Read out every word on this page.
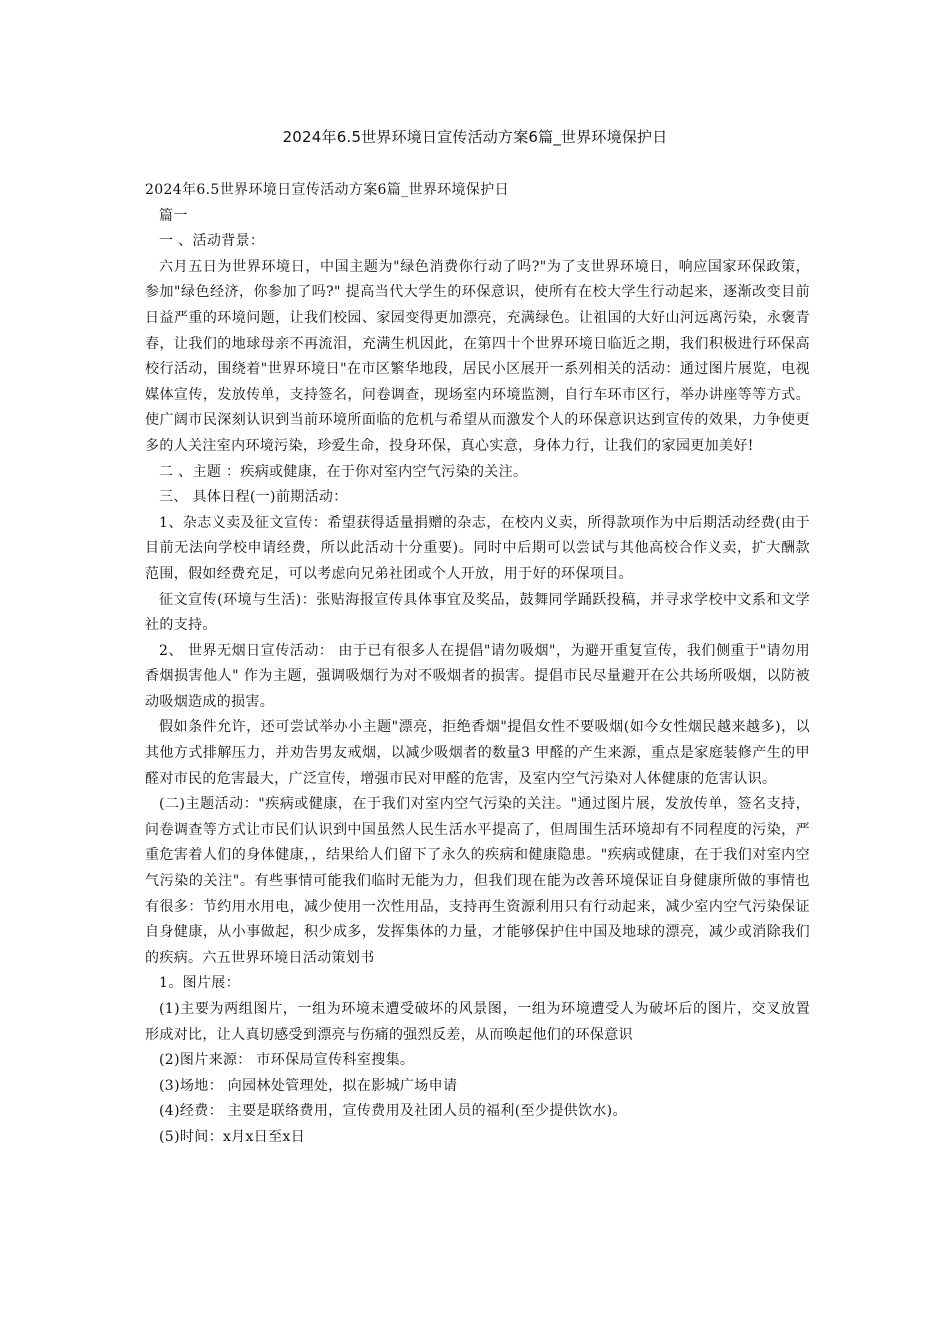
2024年6.5世界环境日宣传活动方案6篇_世界环境保护日

2024年6.5世界环境日宣传活动方案6篇_世界环境保护日

篇一

一 、活动背景：

六月五日为世界环境日，中国主题为"绿色消费你行动了吗?"为了支世界环境日，响应国家环保政策，参加"绿色经济，你参加了吗?" 提高当代大学生的环保意识，使所有在校大学生行动起来，逐渐改变目前日益严重的环境问题，让我们校园、家园变得更加漂亮，充满绿色。让祖国的大好山河远离污染，永褒青春，让我们的地球母亲不再流泪，充满生机因此，在第四十个世界环境日临近之期，我们积极进行环保高校行活动，围绕着"世界环境日"在市区繁华地段，居民小区展开一系列相关的活动：通过图片展览，电视媒体宣传，发放传单，支持签名，问卷调查，现场室内环境监测，自行车环市区行，举办讲座等等方式。使广阔市民深刻认识到当前环境所面临的危机与希望从而激发个人的环保意识达到宣传的效果，力争使更多的人关注室内环境污染，珍爱生命，投身环保，真心实意，身体力行，让我们的家园更加美好!

二 、主题 ：疾病或健康，在于你对室内空气污染的关注。

三、 具体日程(一)前期活动：

1、杂志义卖及征文宣传：希望获得适量捐赠的杂志，在校内义卖，所得款项作为中后期活动经费(由于目前无法向学校申请经费，所以此活动十分重要)。同时中后期可以尝试与其他高校合作义卖，扩大酬款范围，假如经费充足，可以考虑向兄弟社团或个人开放，用于好的环保项目。

征文宣传(环境与生活)：张贴海报宣传具体事宜及奖品，鼓舞同学踊跃投稿，并寻求学校中文系和文学社的支持。

2、 世界无烟日宣传活动： 由于已有很多人在提倡"请勿吸烟"，为避开重复宣传，我们侧重于"请勿用香烟损害他人" 作为主题，强调吸烟行为对不吸烟者的损害。提倡市民尽量避开在公共场所吸烟，以防被动吸烟造成的损害。

假如条件允许，还可尝试举办小主题"漂亮，拒绝香烟"提倡女性不要吸烟(如今女性烟民越来越多)，以其他方式排解压力，并劝告男友戒烟，以减少吸烟者的数量3 甲醛的产生来源，重点是家庭装修产生的甲醛对市民的危害最大，广泛宣传，增强市民对甲醛的危害，及室内空气污染对人体健康的危害认识。

(二)主题活动："疾病或健康，在于我们对室内空气污染的关注。"通过图片展，发放传单，签名支持，问卷调查等方式让市民们认识到中国虽然人民生活水平提高了，但周围生活环境却有不同程度的污染，严重危害着人们的身体健康，，结果给人们留下了永久的疾病和健康隐患。"疾病或健康，在于我们对室内空气污染的关注"。有些事情可能我们临时无能为力，但我们现在能为改善环境保证自身健康所做的事情也有很多：节约用水用电，减少使用一次性用品，支持再生资源利用只有行动起来，减少室内空气污染保证自身健康，从小事做起，积少成多，发挥集体的力量，才能够保护住中国及地球的漂亮，减少或消除我们的疾病。六五世界环境日活动策划书

1。图片展：

(1)主要为两组图片，一组为环境未遭受破坏的风景图，一组为环境遭受人为破坏后的图片，交叉放置形成对比，让人真切感受到漂亮与伤痛的强烈反差，从而唤起他们的环保意识

(2)图片来源： 市环保局宣传科室搜集。

(3)场地： 向园林处管理处，拟在影城广场申请

(4)经费： 主要是联络费用，宣传费用及社团人员的福利(至少提供饮水)。

(5)时间：x月x日至x日
